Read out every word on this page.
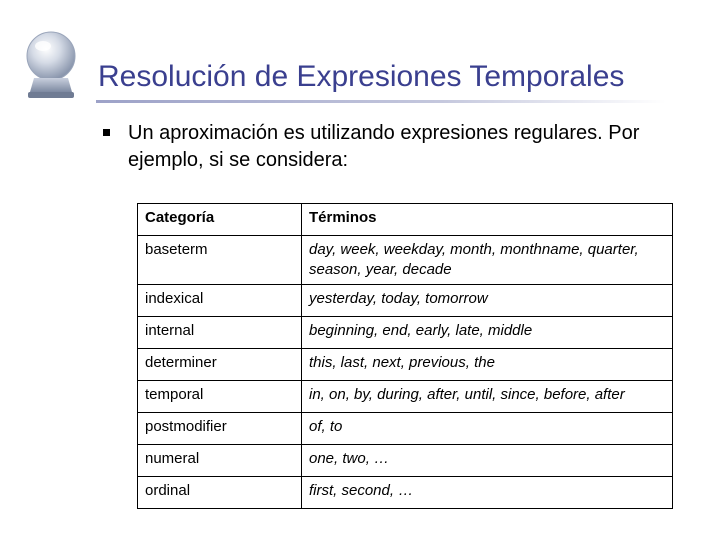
Resolución de Expresiones Temporales

Un aproximación es utilizando expresiones regulares. Por ejemplo, si se considera:

Categoría	Términos
baseterm	day, week, weekday, month, monthname, quarter, season, year, decade
indexical	yesterday, today, tomorrow
internal	beginning, end, early, late, middle
determiner	this, last, next, previous, the
temporal	in, on, by, during, after, until, since, before, after
postmodifier	of, to
numeral	one, two, …
ordinal	first, second, …
